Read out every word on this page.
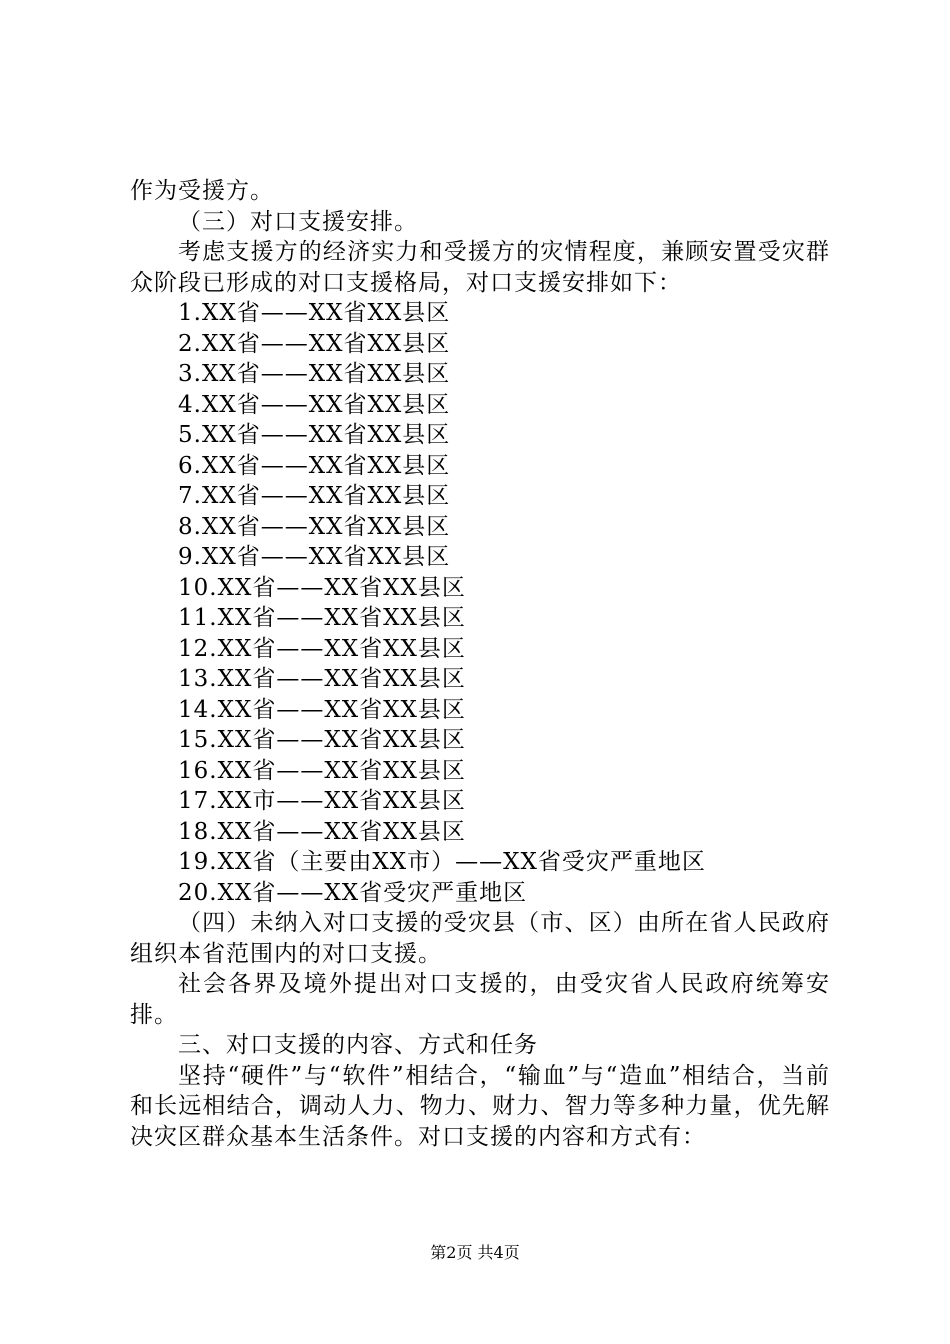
作为受援方。

（三）对口支援安排。

考虑支援方的经济实力和受援方的灾情程度，兼顾安置受灾群众阶段已形成的对口支援格局，对口支援安排如下：

1.XX省——XX省XX县区

2.XX省——XX省XX县区

3.XX省——XX省XX县区

4.XX省——XX省XX县区

5.XX省——XX省XX县区

6.XX省——XX省XX县区

7.XX省——XX省XX县区

8.XX省——XX省XX县区

9.XX省——XX省XX县区

10.XX省——XX省XX县区

11.XX省——XX省XX县区

12.XX省——XX省XX县区

13.XX省——XX省XX县区

14.XX省——XX省XX县区

15.XX省——XX省XX县区

16.XX省——XX省XX县区

17.XX市——XX省XX县区

18.XX省——XX省XX县区

19.XX省（主要由XX市）——XX省受灾严重地区

20.XX省——XX省受灾严重地区

（四）未纳入对口支援的受灾县（市、区）由所在省人民政府组织本省范围内的对口支援。

社会各界及境外提出对口支援的，由受灾省人民政府统筹安排。

三、对口支援的内容、方式和任务

坚持“硬件”与“软件”相结合，“输血”与“造血”相结合，当前和长远相结合，调动人力、物力、财力、智力等多种力量，优先解决灾区群众基本生活条件。对口支援的内容和方式有：

第2页 共4页
